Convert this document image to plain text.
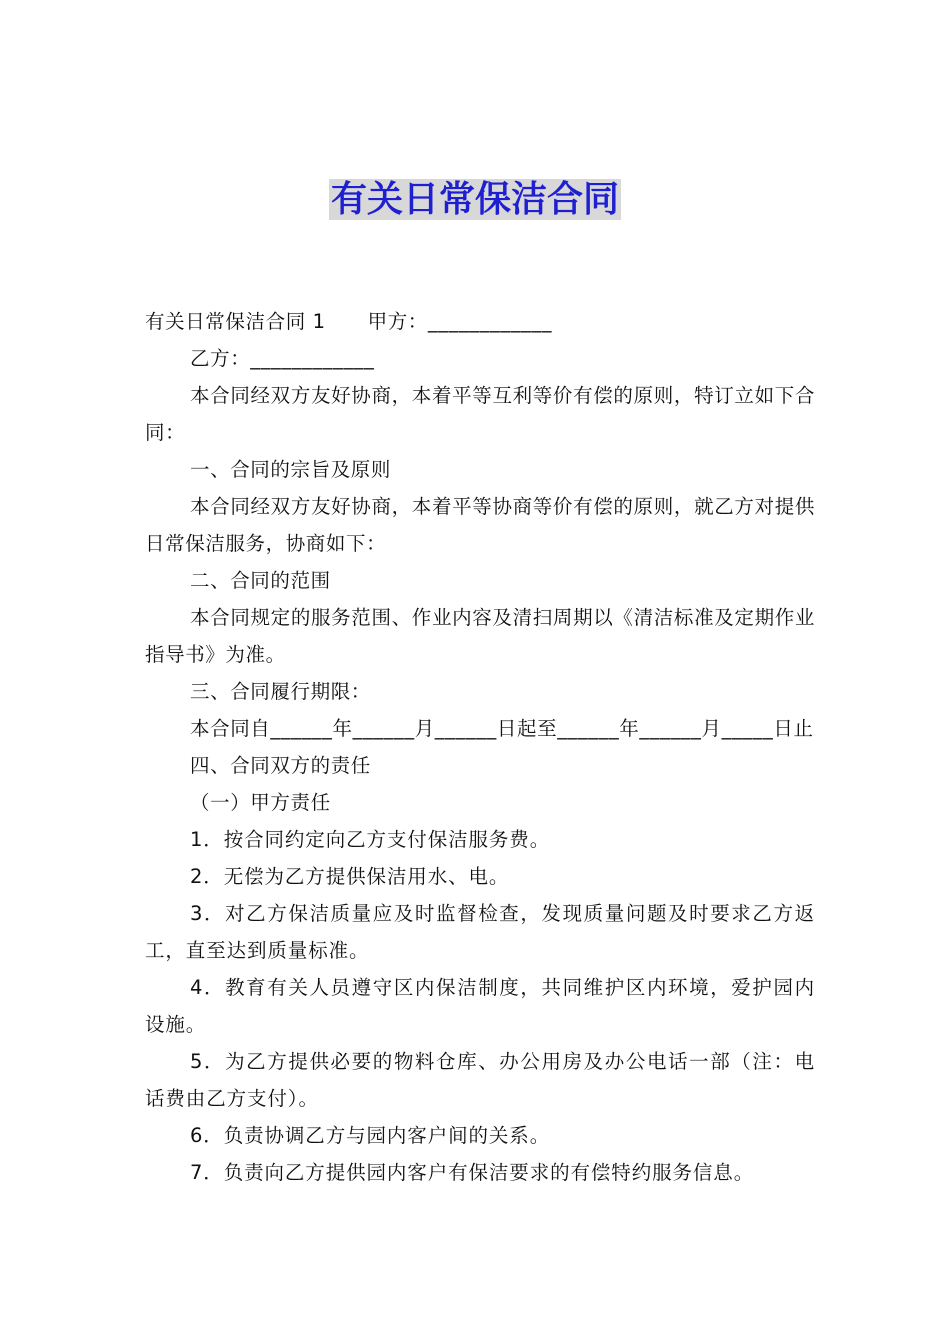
有关日常保洁合同

有关日常保洁合同 1 甲方：____________

乙方：____________

本合同经双方友好协商，本着平等互利等价有偿的原则，特订立如下合同：

一、合同的宗旨及原则

本合同经双方友好协商，本着平等协商等价有偿的原则，就乙方对提供日常保洁服务，协商如下：

二、合同的范围

本合同规定的服务范围、作业内容及清扫周期以《清洁标准及定期作业指导书》为准。

三、合同履行期限：

本合同自______年______月______日起至______年______月_____日止

四、合同双方的责任

（一）甲方责任

1．按合同约定向乙方支付保洁服务费。

2．无偿为乙方提供保洁用水、电。

3．对乙方保洁质量应及时监督检查，发现质量问题及时要求乙方返工，直至达到质量标准。

4．教育有关人员遵守区内保洁制度，共同维护区内环境，爱护园内设施。

5．为乙方提供必要的物料仓库、办公用房及办公电话一部（注：电话费由乙方支付）。

6．负责协调乙方与园内客户间的关系。

7．负责向乙方提供园内客户有保洁要求的有偿特约服务信息。
